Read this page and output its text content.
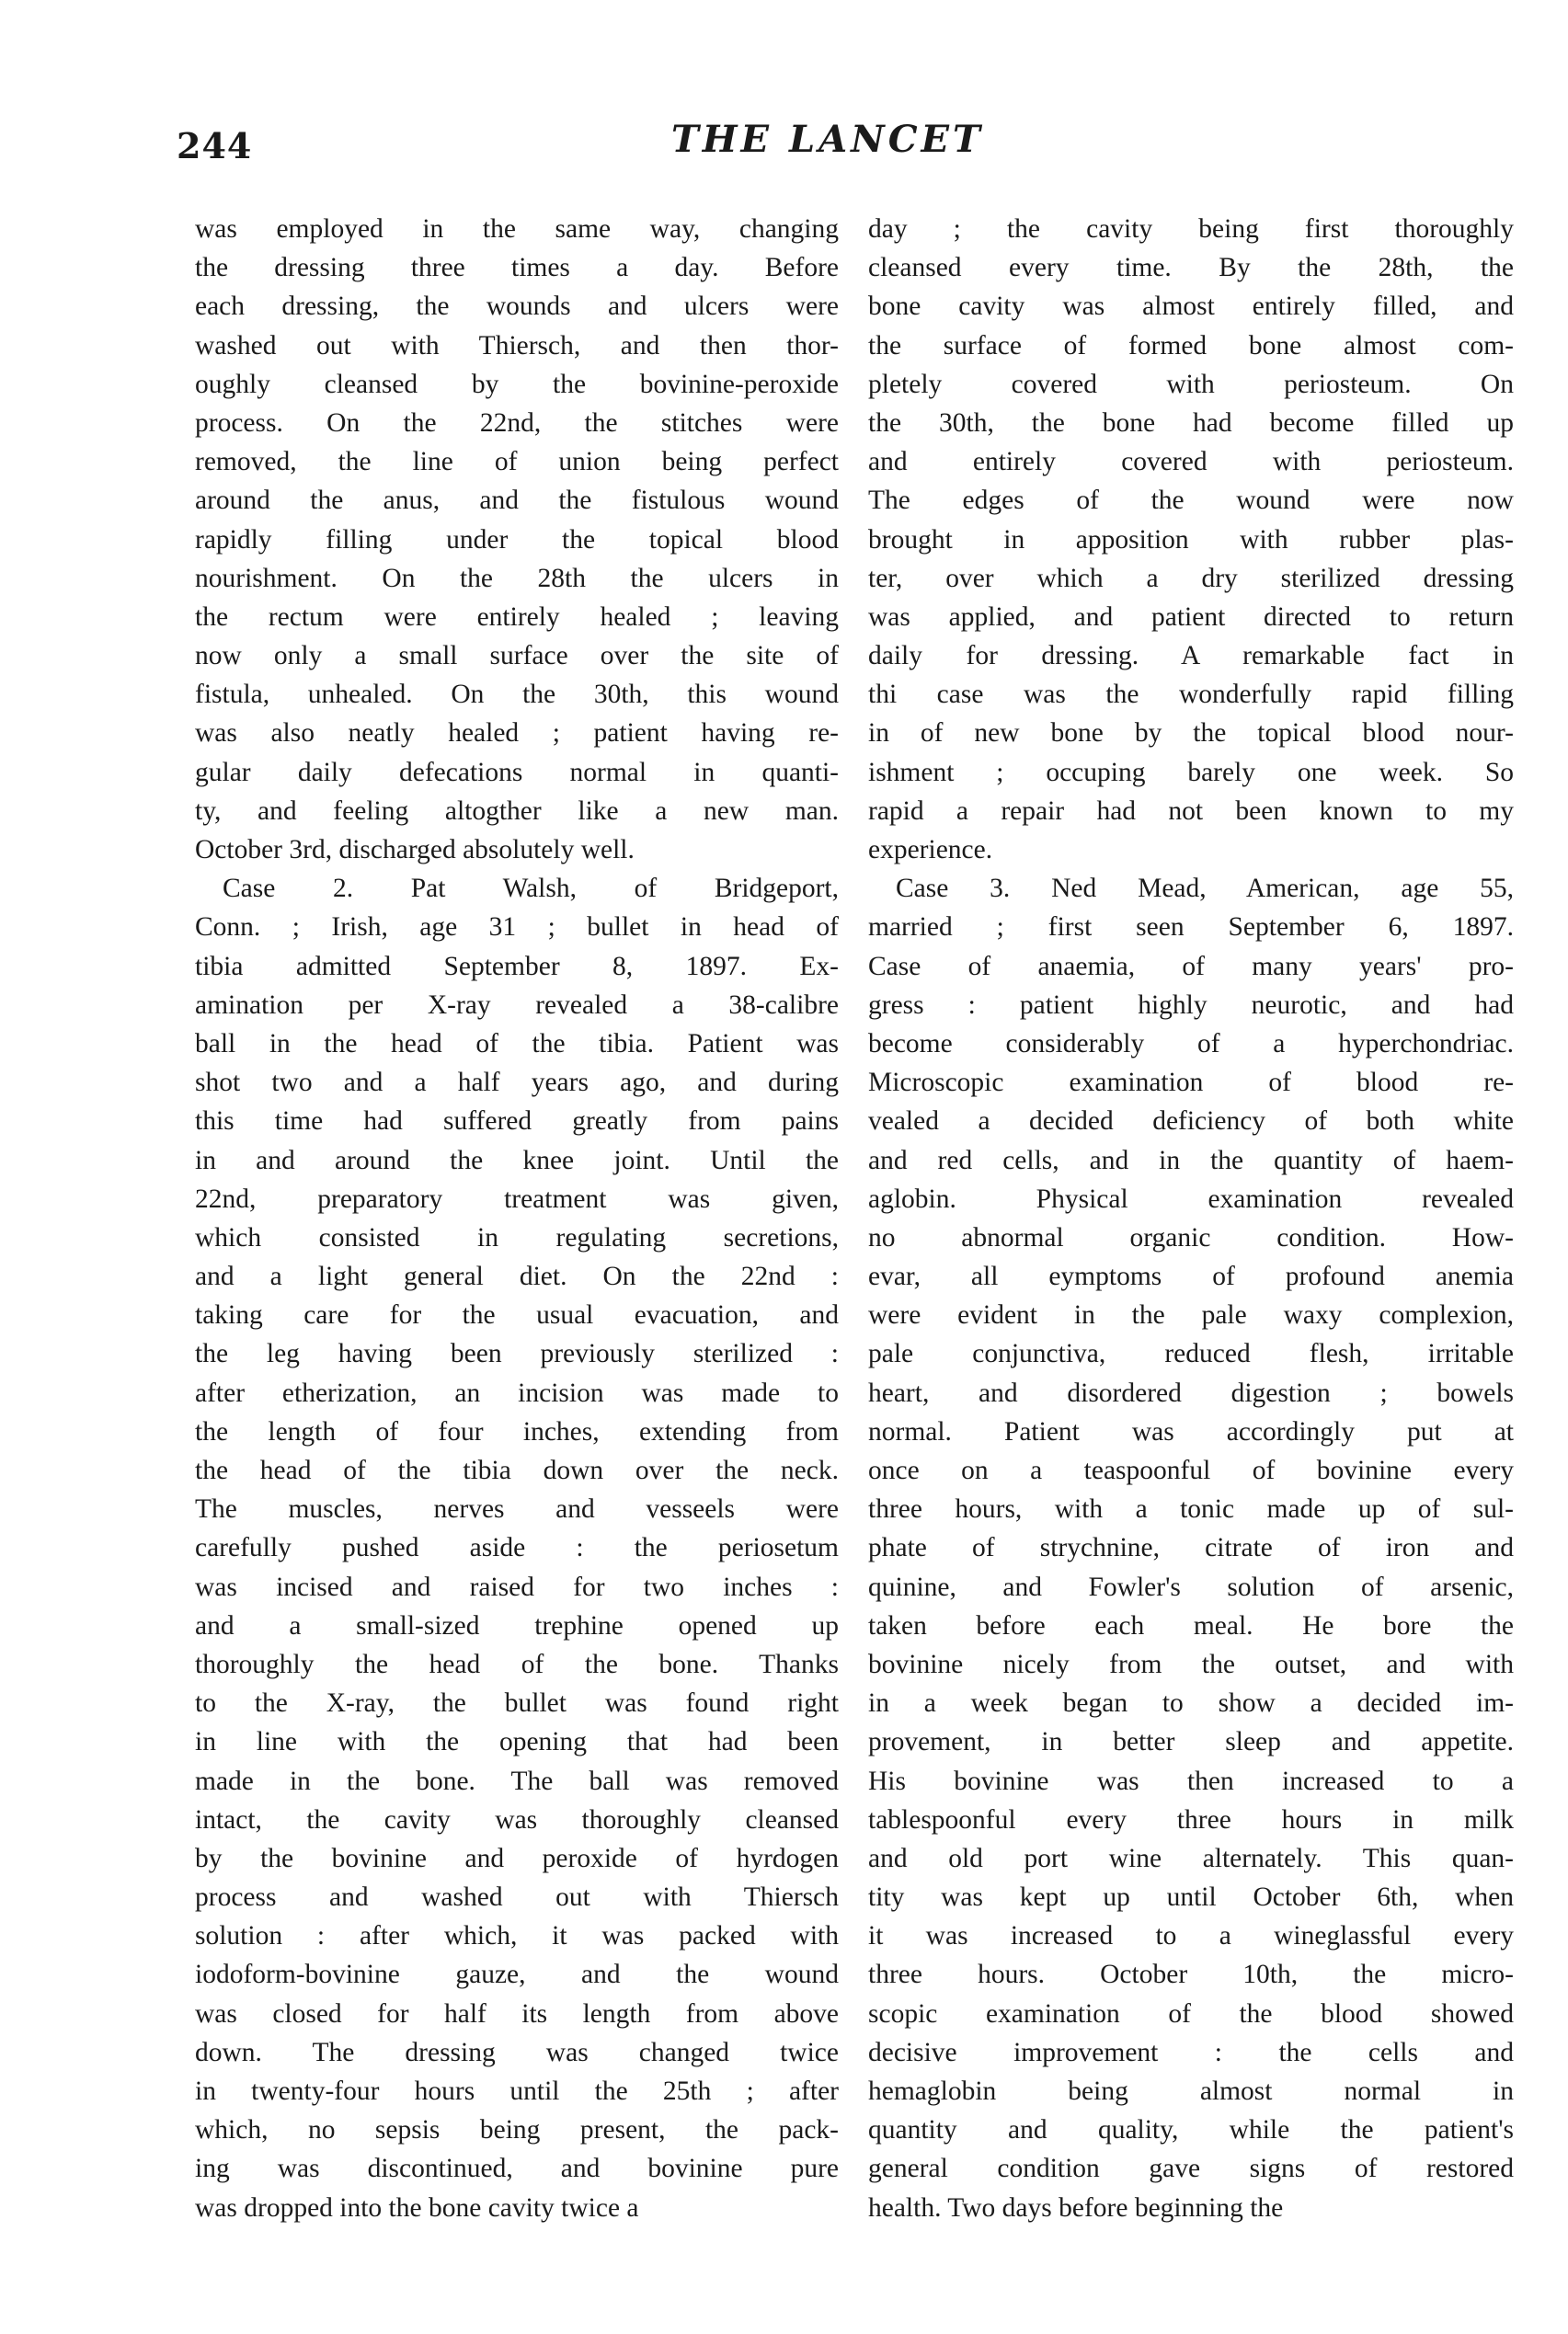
244	THE LANCET
was employed in the same way, changing
the dressing three times a day. Before
each dressing, the wounds and ulcers were
washed out with Thiersch, and then thor-
oughly cleansed by the bovinine-peroxide
process. On the 22nd, the stitches were
removed, the line of union being perfect
around the anus, and the fistulous wound
rapidly filling under the topical blood
nourishment. On the 28th the ulcers in
the rectum were entirely healed ; leaving
now only a small surface over the site of
fistula, unhealed. On the 30th, this wound
was also neatly healed ; patient having re-
gular daily defecations normal in quanti-
ty, and feeling altogther like a new man.
October 3rd, discharged absolutely well.
Case 2. Pat Walsh, of Bridgeport,
Conn. ; Irish, age 31 ; bullet in head of
tibia admitted September 8, 1897. Ex-
amination per X-ray revealed a 38-calibre
ball in the head of the tibia. Patient was
shot two and a half years ago, and during
this time had suffered greatly from pains
in and around the knee joint. Until the
22nd, preparatory treatment was given,
which consisted in regulating secretions,
and a light general diet. On the 22nd :
taking care for the usual evacuation, and
the leg having been previously sterilized :
after etherization, an incision was made to
the length of four inches, extending from
the head of the tibia down over the neck.
The muscles, nerves and vesseels were
carefully pushed aside : the periosetum
was incised and raised for two inches :
and a small-sized trephine opened up
thoroughly the head of the bone. Thanks
to the X-ray, the bullet was found right
in line with the opening that had been
made in the bone. The ball was removed
intact, the cavity was thoroughly cleansed
by the bovinine and peroxide of hyrdogen
process and washed out with Thiersch
solution : after which, it was packed with
iodoform-bovinine gauze, and the wound
was closed for half its length from above
down. The dressing was changed twice
in twenty-four hours until the 25th ; after
which, no sepsis being present, the pack-
ing was discontinued, and bovinine pure
was dropped into the bone cavity twice a
day ; the cavity being first thoroughly
cleansed every time. By the 28th, the
bone cavity was almost entirely filled, and
the surface of formed bone almost com-
pletely covered with periosteum. On
the 30th, the bone had become filled up
and entirely covered with periosteum.
The edges of the wound were now
brought in apposition with rubber plas-
ter, over which a dry sterilized dressing
was applied, and patient directed to return
daily for dressing. A remarkable fact in
thi case was the wonderfully rapid filling
in of new bone by the topical blood nour-
ishment ; occuping barely one week. So
rapid a repair had not been known to my
experience.
Case 3. Ned Mead, American, age 55,
married ; first seen September 6, 1897.
Case of anaemia, of many years' pro-
gress : patient highly neurotic, and had
become considerably of a hyperchondriac.
Microscopic examination of blood re-
vealed a decided deficiency of both white
and red cells, and in the quantity of haem-
aglobin. Physical examination revealed
no abnormal organic condition. How-
evar, all eymptoms of profound anemia
were evident in the pale waxy complexion,
pale conjunctiva, reduced flesh, irritable
heart, and disordered digestion ; bowels
normal. Patient was accordingly put at
once on a teaspoonful of bovinine every
three hours, with a tonic made up of sul-
phate of strychnine, citrate of iron and
quinine, and Fowler's solution of arsenic,
taken before each meal. He bore the
bovinine nicely from the outset, and with
in a week began to show a decided im-
provement, in better sleep and appetite.
His bovinine was then increased to a
tablespoonful every three hours in milk
and old port wine alternately. This quan-
tity was kept up until October 6th, when
it was increased to a wineglassful every
three hours. October 10th, the micro-
scopic examination of the blood showed
decisive improvement : the cells and
hemaglobin being almost normal in
quantity and quality, while the patient's
general condition gave signs of restored
health. Two days before beginning the
